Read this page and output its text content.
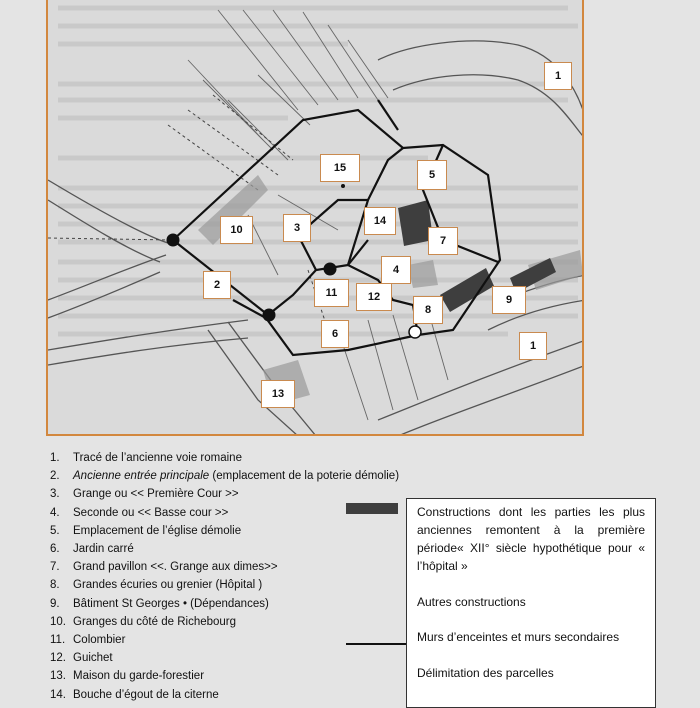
10	3
15
5
14
7
4
2
11	12
8
9
6
13
1
1
1. Tracé de l’ancienne voie romaine
2. Ancienne entrée principale (emplacement de la poterie démolie)
3. Grange ou << Première Cour >>
4. Seconde ou << Basse cour >>
5. Emplacement de l’église démolie
6. Jardin carré
7. Grand pavillon <<. Grange aux dimes>>
8. Grandes écuries ou grenier (Hôpital )
9. Bâtiment St Georges • (Dépendances)
10. Granges du côté de Richebourg
11. Colombier
12. Guichet
13. Maison du garde-forestier
14. Bouche d’égout de la citerne
Constructions dont les parties les plus anciennes remontent à la première période« XII° siècle hypothétique pour « l’hôpital »
Autres constructions
Murs d’enceintes et murs secondaires
Délimitation des parcelles
